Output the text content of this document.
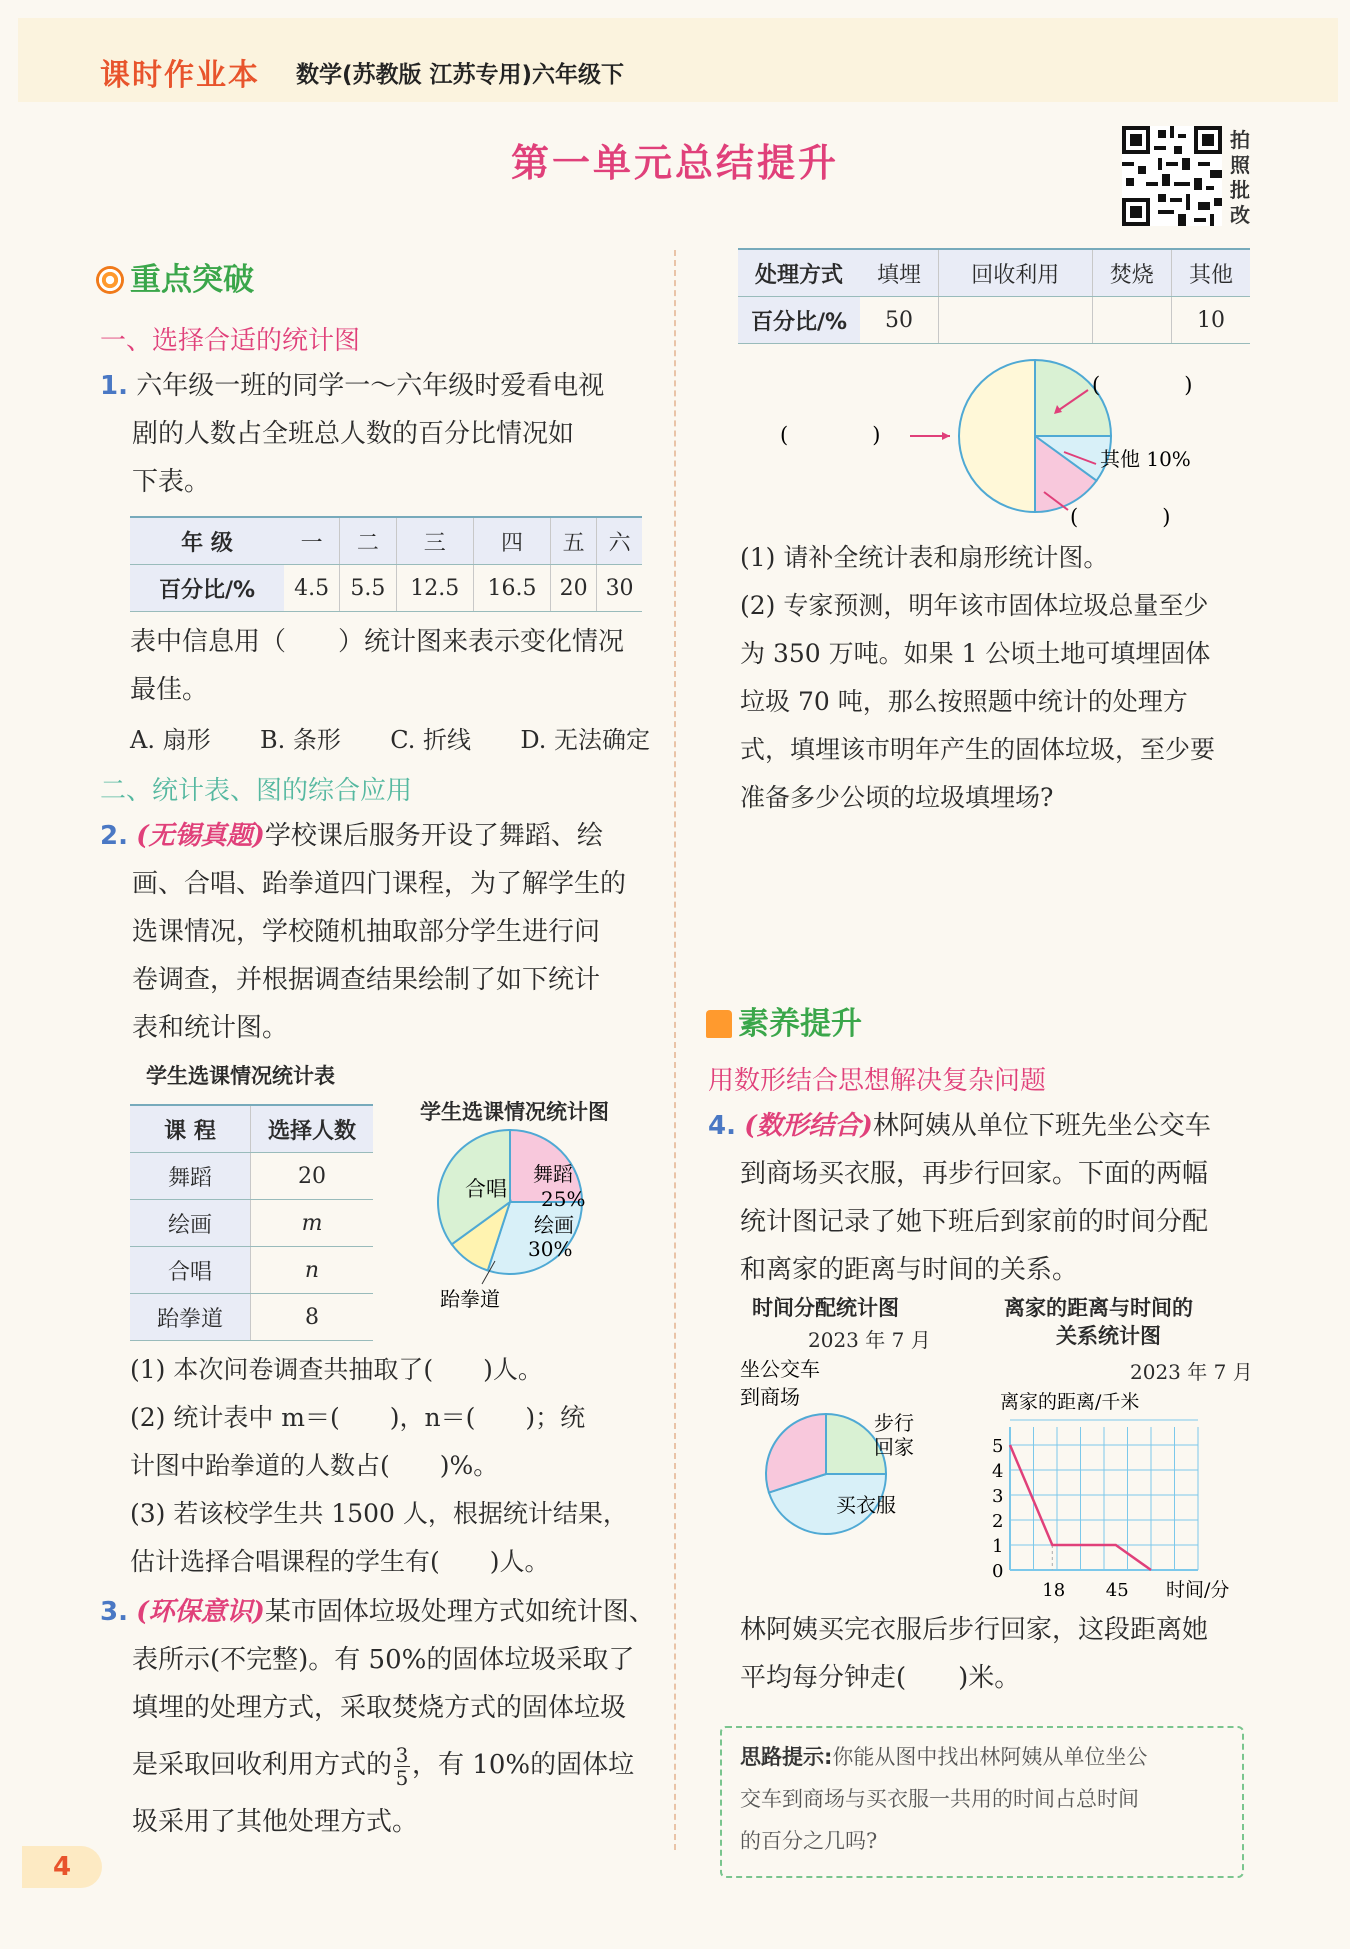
课时作业本 数学(苏教版 江苏专用)六年级下
第一单元总结提升
拍照批改
重点突破
一、选择合适的统计图
1. 六年级一班的同学一～六年级时爱看电视
剧的人数占全班总人数的百分比情况如
下表。
年 级	一	二	三	四	五	六
百分比/%	4.5	5.5	12.5	16.5	20	30
表中信息用（　　）统计图来表示变化情况
最佳。
A. 扇形 B. 条形 C. 折线 D. 无法确定
二、统计表、图的综合应用
2. (无锡真题)学校课后服务开设了舞蹈、绘
画、合唱、跆拳道四门课程，为了解学生的
选课情况，学校随机抽取部分学生进行问
卷调查，并根据调查结果绘制了如下统计
表和统计图。
学生选课情况统计表
课 程	选择人数
舞蹈	20
绘画	m
合唱	n
跆拳道	8
学生选课情况统计图
合唱
舞蹈
25%
绘画
30%
跆拳道
(1) 本次问卷调查共抽取了(　　)人。
(2) 统计表中 m＝(　　)，n＝(　　)；统
计图中跆拳道的人数占(　　)%。
(3) 若该校学生共 1500 人，根据统计结果，
估计选择合唱课程的学生有(　　)人。
3. (环保意识)某市固体垃圾处理方式如统计图、
表所示(不完整)。有 50%的固体垃圾采取了
填埋的处理方式，采取焚烧方式的固体垃圾
是采取回收利用方式的 $\frac{3}{5}$ ，有 10%的固体垃
圾采用了其他处理方式。
4
处理方式	填埋	回收利用	焚烧	其他
百分比/%	50			10
(　　　　)
(　　　　)
其他 10%
(　　　　)
(1) 请补全统计表和扇形统计图。
(2) 专家预测，明年该市固体垃圾总量至少
为 350 万吨。如果 1 公顷土地可填埋固体
垃圾 70 吨，那么按照题中统计的处理方
式，填埋该市明年产生的固体垃圾，至少要
准备多少公顷的垃圾填埋场?
素养提升
用数形结合思想解决复杂问题
4. (数形结合)林阿姨从单位下班先坐公交车
到商场买衣服，再步行回家。下面的两幅
统计图记录了她下班后到家前的时间分配
和离家的距离与时间的关系。
时间分配统计图
2023 年 7 月
坐公交车
到商场
步行
回家
买衣服
离家的距离与时间的
关系统计图
2023 年 7 月
离家的距离/千米
0
1
2
3
4
5
18 45 时间/分
林阿姨买完衣服后步行回家，这段距离她
平均每分钟走(　　)米。
思路提示:你能从图中找出林阿姨从单位坐公
交车到商场与买衣服一共用的时间占总时间
的百分之几吗?
